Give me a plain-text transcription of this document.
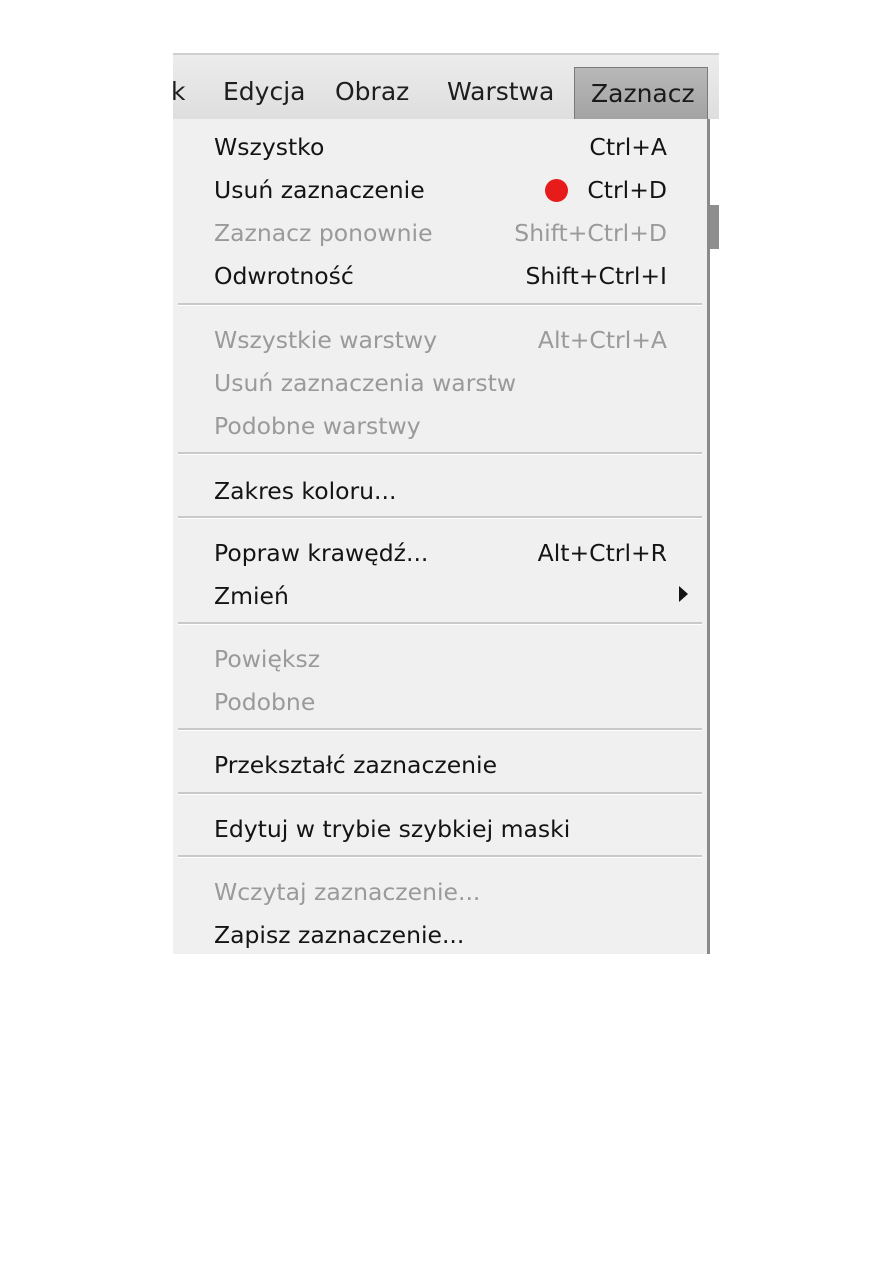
k Edycja Obraz Warstwa	Zaznacz
Wszystko	Ctrl+A
Usuń zaznaczenie	Ctrl+D
Zaznacz ponownie	Shift+Ctrl+D
Odwrotność	Shift+Ctrl+I
Wszystkie warstwy	Alt+Ctrl+A
Usuń zaznaczenia warstw
Podobne warstwy
Zakres koloru...
Popraw krawędź...	Alt+Ctrl+R
Zmień
Powiększ
Podobne
Przekształć zaznaczenie
Edytuj w trybie szybkiej maski
Wczytaj zaznaczenie...
Zapisz zaznaczenie...
